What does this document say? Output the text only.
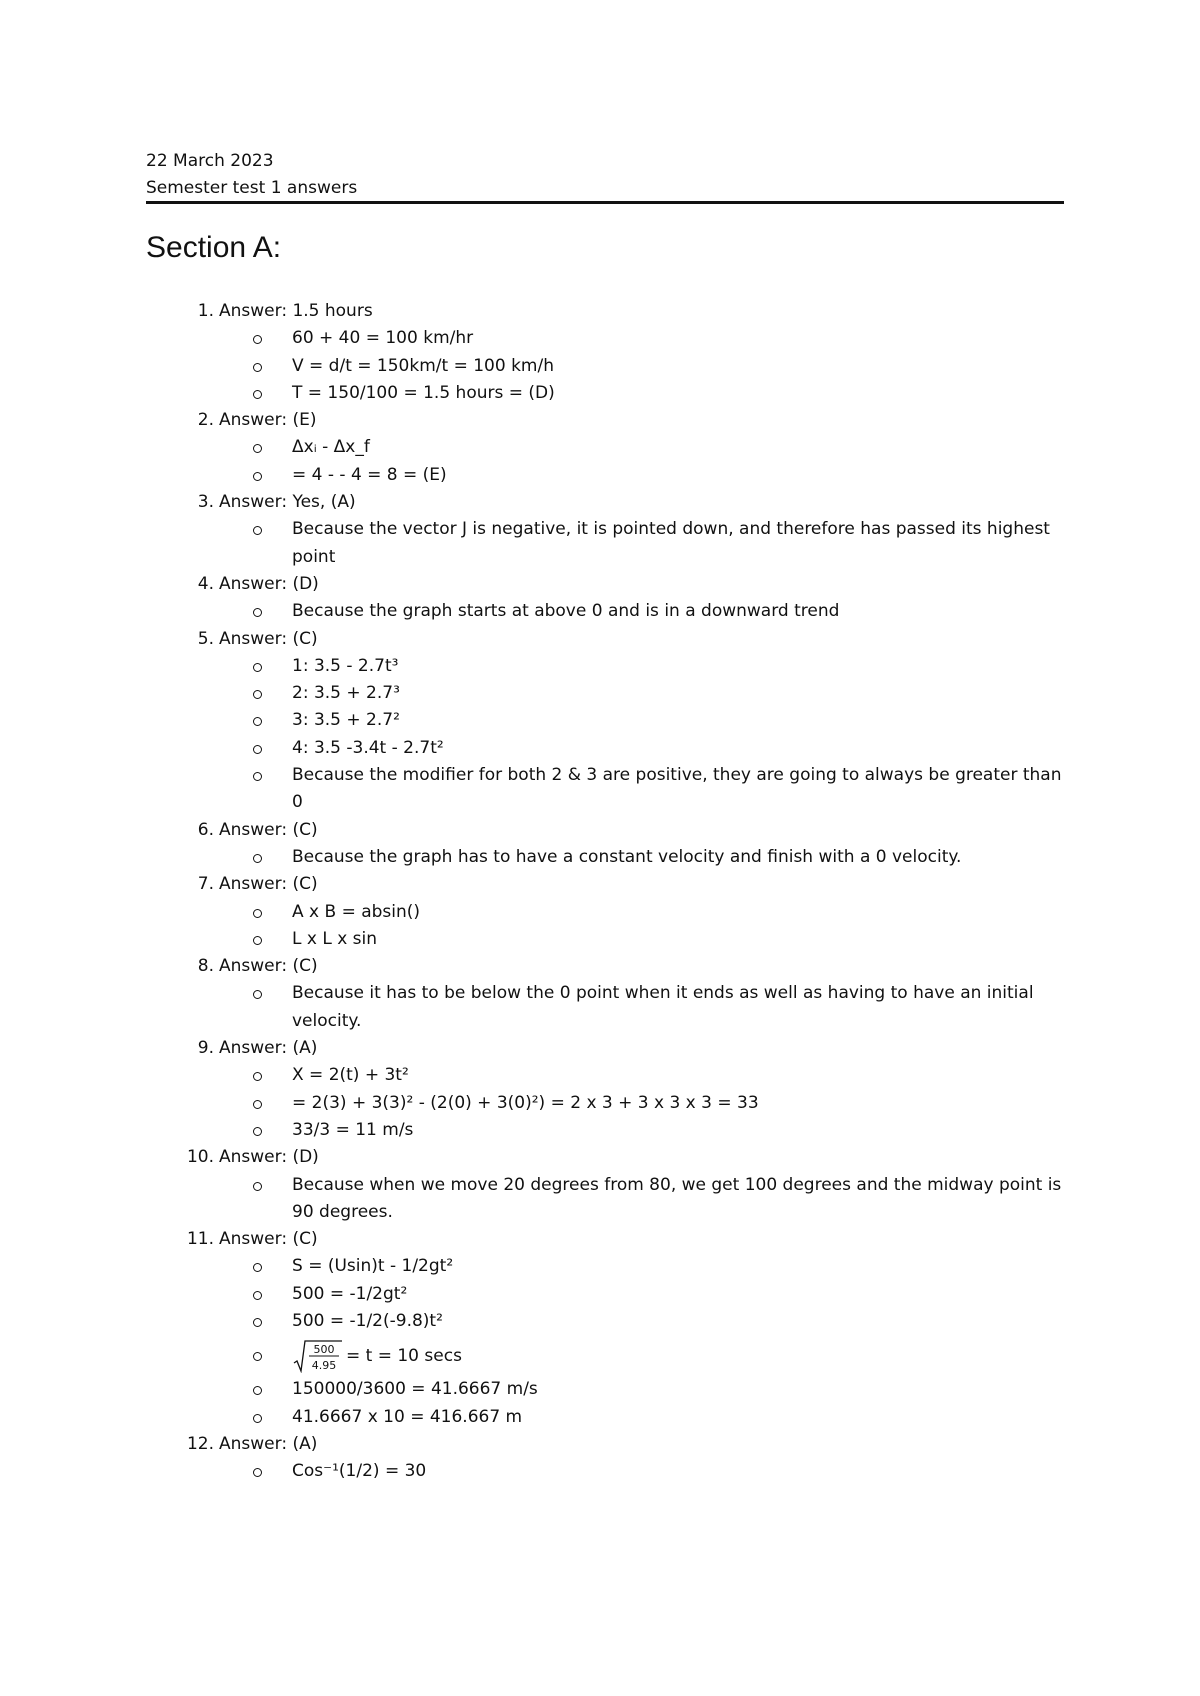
22 March 2023
Semester test 1 answers
Section A:
1. Answer: 1.5 hours
60 + 40 = 100 km/hr
V = d/t = 150km/t = 100 km/h
T = 150/100 = 1.5 hours = (D)
2. Answer: (E)
Δxᵢ - Δx_f
= 4 - - 4 = 8 = (E)
3. Answer: Yes, (A)
Because the vector J is negative, it is pointed down, and therefore has passed its highest point
4. Answer: (D)
Because the graph starts at above 0 and is in a downward trend
5. Answer: (C)
1: 3.5 - 2.7t³
2: 3.5 + 2.7³
3: 3.5 + 2.7²
4: 3.5 -3.4t - 2.7t²
Because the modifier for both 2 & 3 are positive, they are going to always be greater than 0
6. Answer: (C)
Because the graph has to have a constant velocity and finish with a 0 velocity.
7. Answer: (C)
A x B = absin()
L x L x sin
8. Answer: (C)
Because it has to be below the 0 point when it ends as well as having to have an initial velocity.
9. Answer: (A)
X = 2(t) + 3t²
= 2(3) + 3(3)² - (2(0) + 3(0)²) = 2 x 3 + 3 x 3 x 3 = 33
33/3 = 11 m/s
10. Answer: (D)
Because when we move 20 degrees from 80, we get 100 degrees and the midway point is 90 degrees.
11. Answer: (C)
S = (Usin)t - 1/2gt²
500 = -1/2gt²
500 = -1/2(-9.8)t²
500
4.95
= t = 10 secs
150000/3600 = 41.6667 m/s
41.6667 x 10 = 416.667 m
12. Answer: (A)
Cos⁻¹(1/2) = 30
